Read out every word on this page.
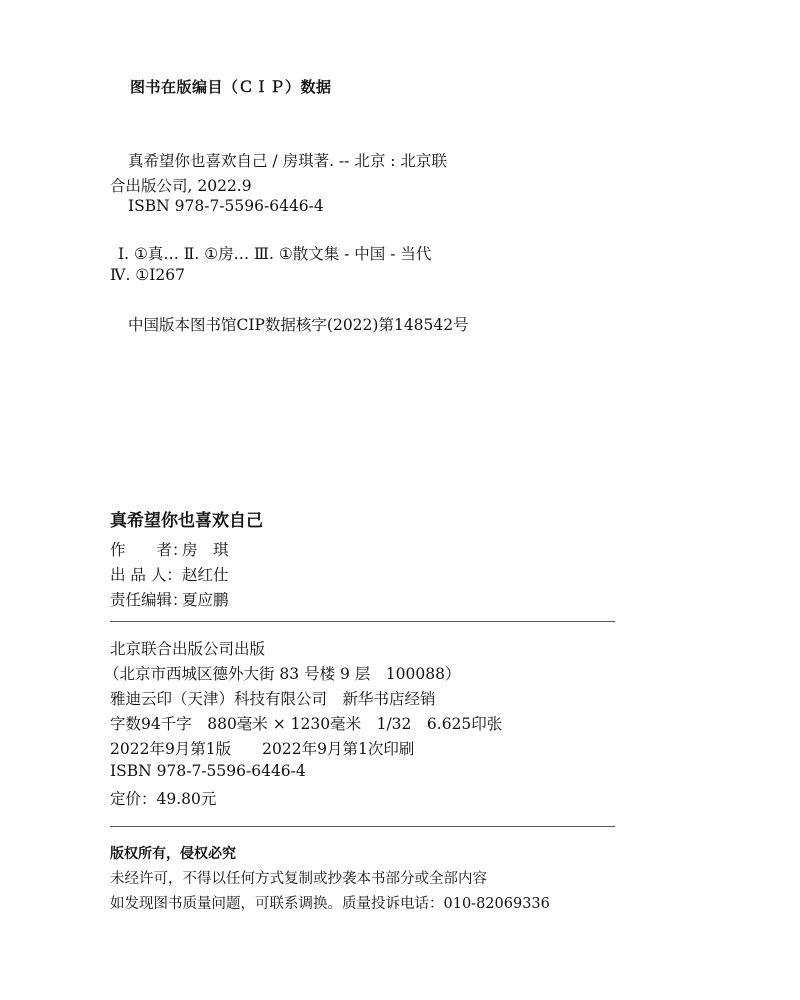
图书在版编目（ＣＩＰ）数据
真希望你也喜欢自己 / 房琪著. -- 北京 : 北京联
合出版公司, 2022.9
ISBN 978-7-5596-6446-4
Ⅰ. ①真… Ⅱ. ①房… Ⅲ. ①散文集 - 中国 - 当代
Ⅳ. ①I267
中国版本图书馆CIP数据核字(2022)第148542号
真希望你也喜欢自己
作　　者：房　琪
出 品 人：赵红仕
责任编辑：夏应鹏
北京联合出版公司出版
（北京市西城区德外大街 83 号楼 9 层　100088）
雅迪云印（天津）科技有限公司　新华书店经销
字数94千字　880毫米 × 1230毫米　1/32　6.625印张
2022年9月第1版　　2022年9月第1次印刷
ISBN 978-7-5596-6446-4
定价：49.80元
版权所有，侵权必究
未经许可，不得以任何方式复制或抄袭本书部分或全部内容
如发现图书质量问题，可联系调换。质量投诉电话：010-82069336
